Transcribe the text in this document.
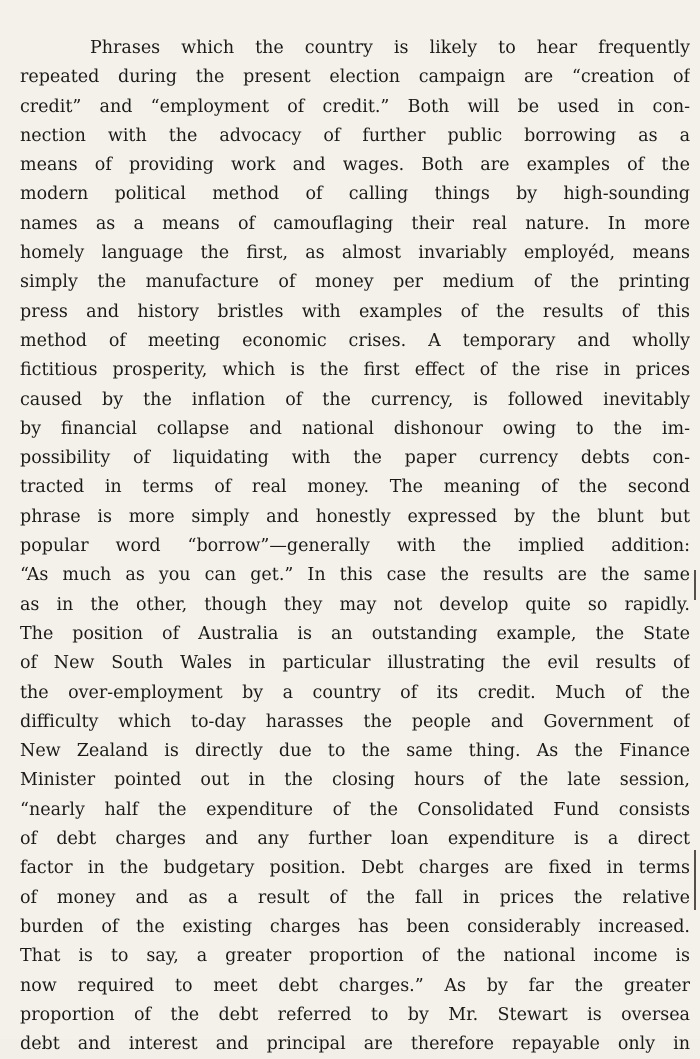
Phrases which the country is likely to hear frequently
repeated during the present election campaign are “creation of
credit” and “employment of credit.” Both will be used in con-
nection with the advocacy of further public borrowing as a
means of providing work and wages. Both are examples of the
modern political method of calling things by high-sounding
names as a means of camouflaging their real nature. In more
homely language the first, as almost invariably employéd, means
simply the manufacture of money per medium of the printing
press and history bristles with examples of the results of this
method of meeting economic crises. A temporary and wholly
fictitious prosperity, which is the first effect of the rise in prices
caused by the inflation of the currency, is followed inevitably
by financial collapse and national dishonour owing to the im-
possibility of liquidating with the paper currency debts con-
tracted in terms of real money. The meaning of the second
phrase is more simply and honestly expressed by the blunt but
popular word “borrow”—generally with the implied addition:
“As much as you can get.” In this case the results are the same
as in the other, though they may not develop quite so rapidly.
The position of Australia is an outstanding example, the State
of New South Wales in particular illustrating the evil results of
the over-employment by a country of its credit. Much of the
difficulty which to-day harasses the people and Government of
New Zealand is directly due to the same thing. As the Finance
Minister pointed out in the closing hours of the late session,
“nearly half the expenditure of the Consolidated Fund consists
of debt charges and any further loan expenditure is a direct
factor in the budgetary position. Debt charges are fixed in terms
of money and as a result of the fall in prices the relative
burden of the existing charges has been considerably increased.
That is to say, a greater proportion of the national income is
now required to meet debt charges.” As by far the greater
proportion of the debt referred to by Mr. Stewart is oversea
debt and interest and principal are therefore repayable only in
